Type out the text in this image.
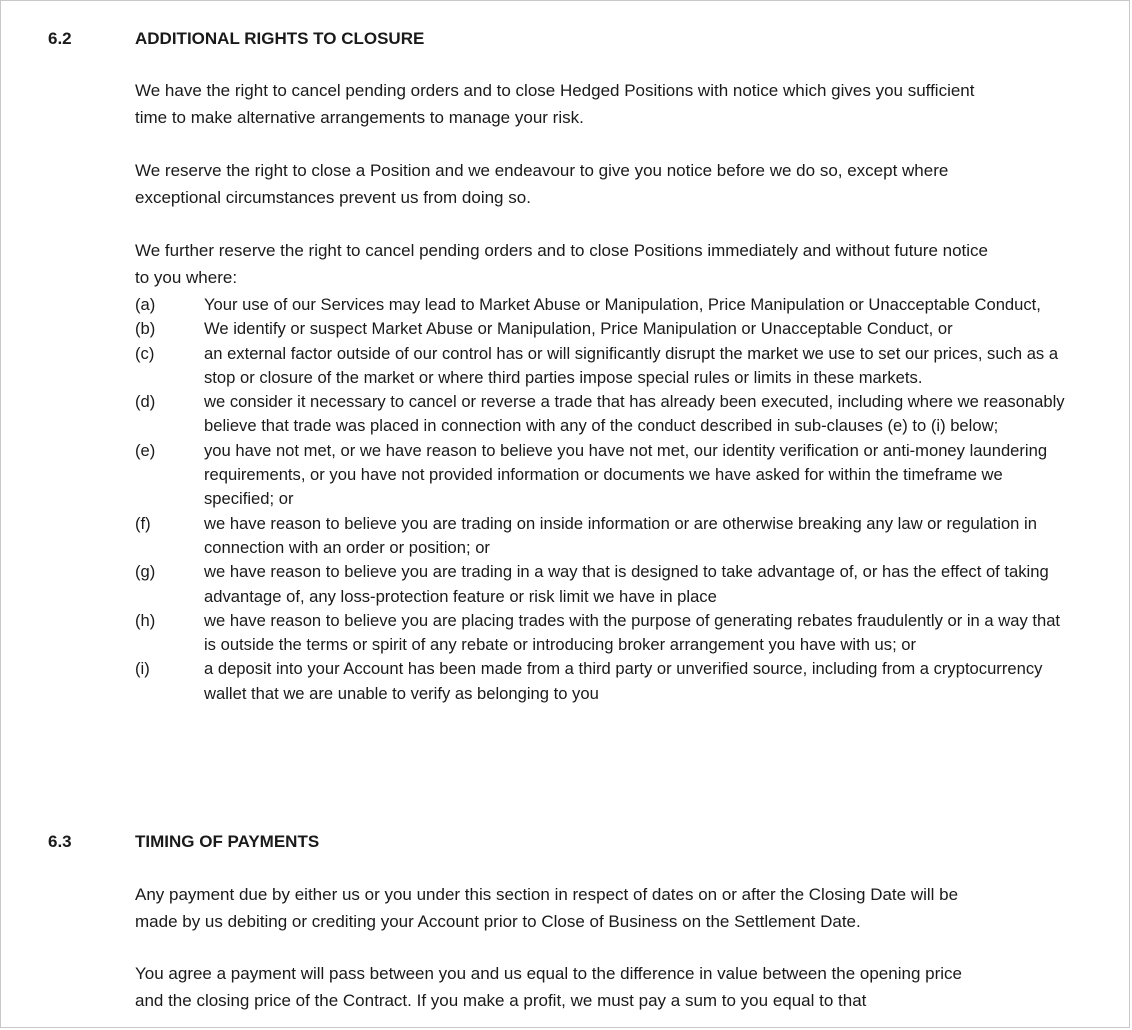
6.2	ADDITIONAL RIGHTS TO CLOSURE

We have the right to cancel pending orders and to close Hedged Positions with notice which gives you sufficient time to make alternative arrangements to manage your risk.

We reserve the right to close a Position and we endeavour to give you notice before we do so, except where exceptional circumstances prevent us from doing so.

We further reserve the right to cancel pending orders and to close Positions immediately and without future notice to you where:

(a)	Your use of our Services may lead to Market Abuse or Manipulation, Price Manipulation or Unacceptable Conduct,
(b)	We identify or suspect Market Abuse or Manipulation, Price Manipulation or Unacceptable Conduct, or
(c)	an external factor outside of our control has or will significantly disrupt the market we use to set our prices, such as a stop or closure of the market or where third parties impose special rules or limits in these markets.
(d)	we consider it necessary to cancel or reverse a trade that has already been executed, including where we reasonably believe that trade was placed in connection with any of the conduct described in sub-clauses (e) to (i) below;
(e)	you have not met, or we have reason to believe you have not met, our identity verification or anti-money laundering requirements, or you have not provided information or documents we have asked for within the timeframe we specified; or
(f)	we have reason to believe you are trading on inside information or are otherwise breaking any law or regulation in connection with an order or position; or
(g)	we have reason to believe you are trading in a way that is designed to take advantage of, or has the effect of taking advantage of, any loss-protection feature or risk limit we have in place
(h)	we have reason to believe you are placing trades with the purpose of generating rebates fraudulently or in a way that is outside the terms or spirit of any rebate or introducing broker arrangement you have with us; or
(i)	a deposit into your Account has been made from a third party or unverified source, including from a cryptocurrency wallet that we are unable to verify as belonging to you
6.3	TIMING OF PAYMENTS

Any payment due by either us or you under this section in respect of dates on or after the Closing Date will be made by us debiting or crediting your Account prior to Close of Business on the Settlement Date.

You agree a payment will pass between you and us equal to the difference in value between the opening price and the closing price of the Contract. If you make a profit, we must pay a sum to you equal to that
